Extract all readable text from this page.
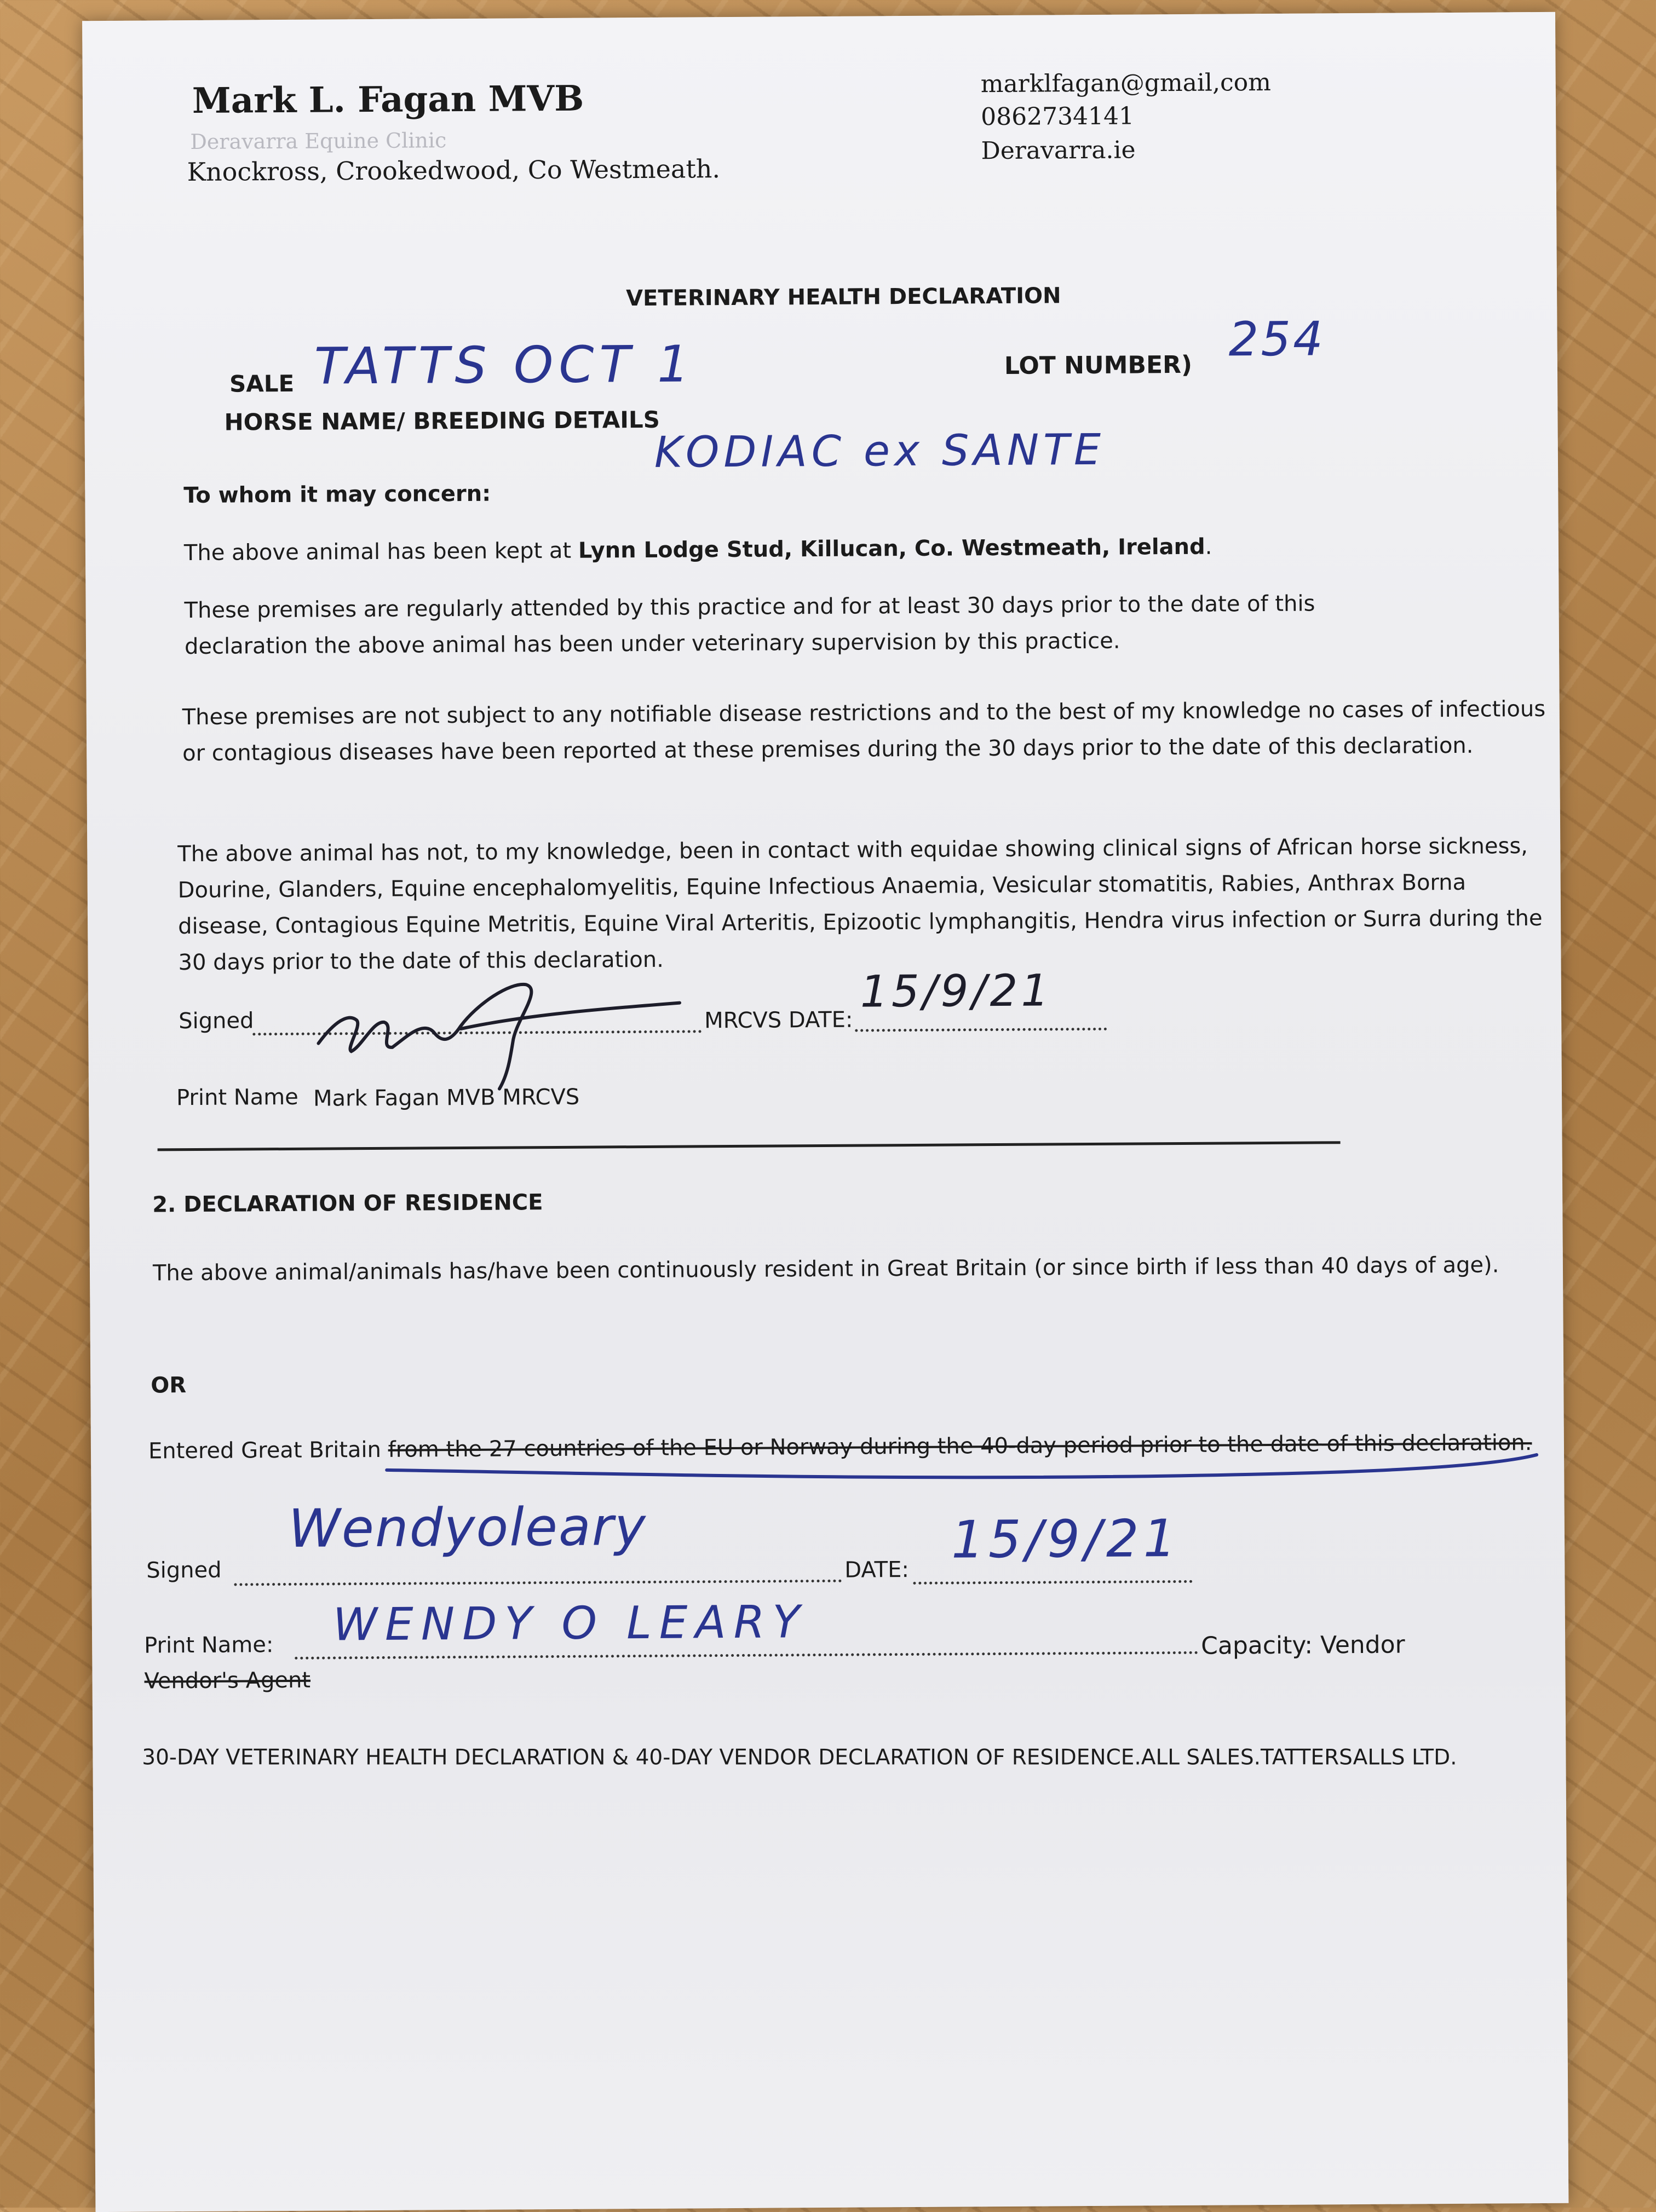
Mark L. Fagan MVB
Deravarra Equine Clinic
Knockross, Crookedwood, Co Westmeath.
marklfagan@gmail,com
0862734141
Deravarra.ie
VETERINARY HEALTH DECLARATION
SALE TATTS OCT 1	LOT NUMBER) 254
HORSE NAME/ BREEDING DETAILS
KODIAC ex SANTE
To whom it may concern:
The above animal has been kept at Lynn Lodge Stud, Killucan, Co. Westmeath, Ireland.
These premises are regularly attended by this practice and for at least 30 days prior to the date of this declaration the above animal has been under veterinary supervision by this practice.
These premises are not subject to any notifiable disease restrictions and to the best of my knowledge no cases of infectious or contagious diseases have been reported at these premises during the 30 days prior to the date of this declaration.
The above animal has not, to my knowledge, been in contact with equidae showing clinical signs of African horse sickness, Dourine, Glanders, Equine encephalomyelitis, Equine Infectious Anaemia, Vesicular stomatitis, Rabies, Anthrax Borna disease, Contagious Equine Metritis, Equine Viral Arteritis, Epizootic lymphangitis, Hendra virus infection or Surra during the 30 days prior to the date of this declaration.
Signed	MRCVS DATE:
15/9/21
Print Name Mark Fagan MVB MRCVS
2. DECLARATION OF RESIDENCE
The above animal/animals has/have been continuously resident in Great Britain (or since birth if less than 40 days of age).
OR
Entered Great Britain from the 27 countries of the EU or Norway during the 40-day period prior to the date of this declaration.
Signed
Wendyoleary
DATE: 15/9/21
Print Name: WENDY O LEARY	Capacity: Vendor
Vendor's Agent
30-DAY VETERINARY HEALTH DECLARATION & 40-DAY VENDOR DECLARATION OF RESIDENCE.ALL SALES.TATTERSALLS LTD.
